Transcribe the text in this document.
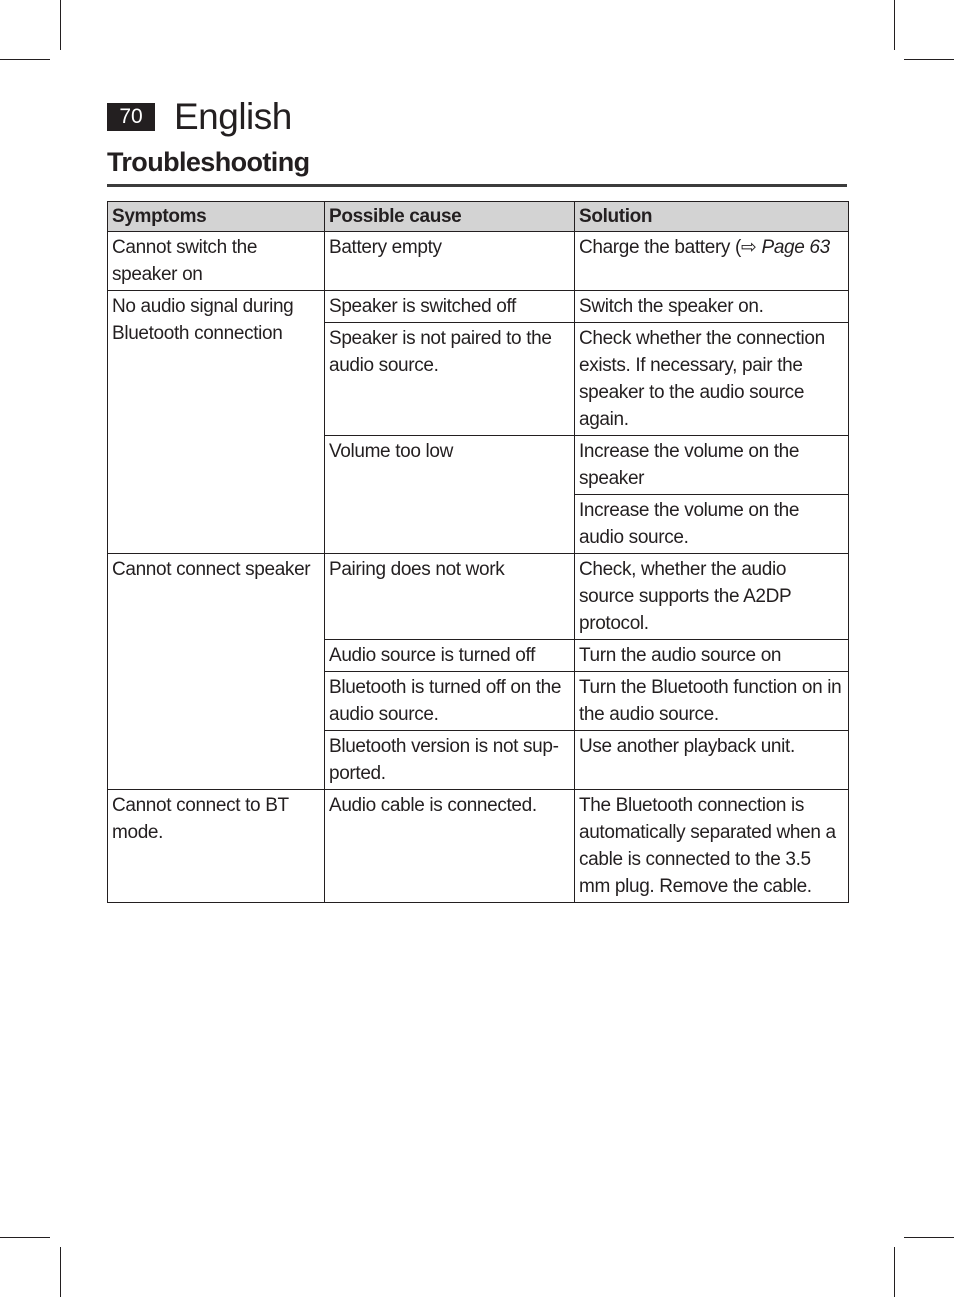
70 English
Troubleshooting
Symptoms	Possible cause	Solution
Cannot switch the speaker on	Battery empty	Charge the battery (⇨ Page 63
No audio signal during Bluetooth connection	Speaker is switched off	Switch the speaker on.
	Speaker is not paired to the audio source.	Check whether the connection exists. If necessary, pair the speaker to the audio source again.
	Volume too low	Increase the volume on the speaker
		Increase the volume on the audio source.
Cannot connect speaker	Pairing does not work	Check, whether the audio source supports the A2DP protocol.
	Audio source is turned off	Turn the audio source on
	Bluetooth is turned off on the audio source.	Turn the Bluetooth function on in the audio source.
	Bluetooth version is not sup-ported.	Use another playback unit.
Cannot connect to BT mode.	Audio cable is connected.	The Bluetooth connection is automatically separated when a cable is connected to the 3.5 mm plug. Remove the cable.
